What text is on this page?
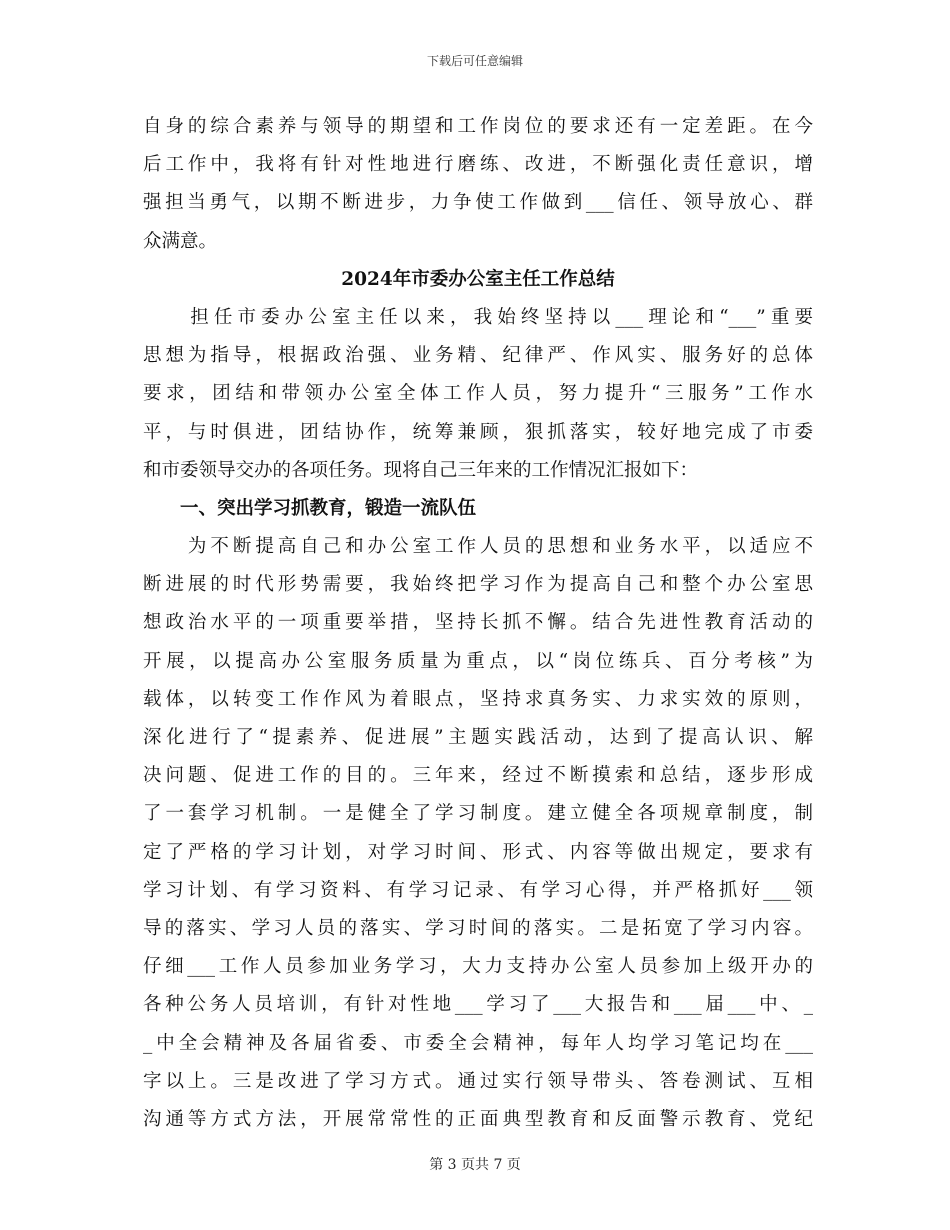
下载后可任意编辑
自身的综合素养与领导的期望和工作岗位的要求还有一定差距。在今
后工作中，我将有针对性地进行磨练、改进，不断强化责任意识，增
强担当勇气，以期不断进步，力争使工作做到___信任、领导放心、群
众满意。
2024年市委办公室主任工作总结
　　担任市委办公室主任以来，我始终坚持以___理论和“___”重要
思想为指导，根据政治强、业务精、纪律严、作风实、服务好的总体
要求，团结和带领办公室全体工作人员，努力提升“三服务”工作水
平，与时俱进，团结协作，统筹兼顾，狠抓落实，较好地完成了市委
和市委领导交办的各项任务。现将自己三年来的工作情况汇报如下：
　　一、突出学习抓教育，锻造一流队伍
　　为不断提高自己和办公室工作人员的思想和业务水平，以适应不
断进展的时代形势需要，我始终把学习作为提高自己和整个办公室思
想政治水平的一项重要举措，坚持长抓不懈。结合先进性教育活动的
开展，以提高办公室服务质量为重点，以“岗位练兵、百分考核”为
载体，以转变工作作风为着眼点，坚持求真务实、力求实效的原则，
深化进行了“提素养、促进展”主题实践活动，达到了提高认识、解
决问题、促进工作的目的。三年来，经过不断摸索和总结，逐步形成
了一套学习机制。一是健全了学习制度。建立健全各项规章制度，制
定了严格的学习计划，对学习时间、形式、内容等做出规定，要求有
学习计划、有学习资料、有学习记录、有学习心得，并严格抓好___领
导的落实、学习人员的落实、学习时间的落实。二是拓宽了学习内容。
仔细___工作人员参加业务学习，大力支持办公室人员参加上级开办的
各种公务人员培训，有针对性地___学习了___大报告和___届___中、_
_中全会精神及各届省委、市委全会精神，每年人均学习笔记均在___
字以上。三是改进了学习方式。通过实行领导带头、答卷测试、互相
沟通等方式方法，开展常常性的正面典型教育和反面警示教育、党纪
第 3 页共 7 页
